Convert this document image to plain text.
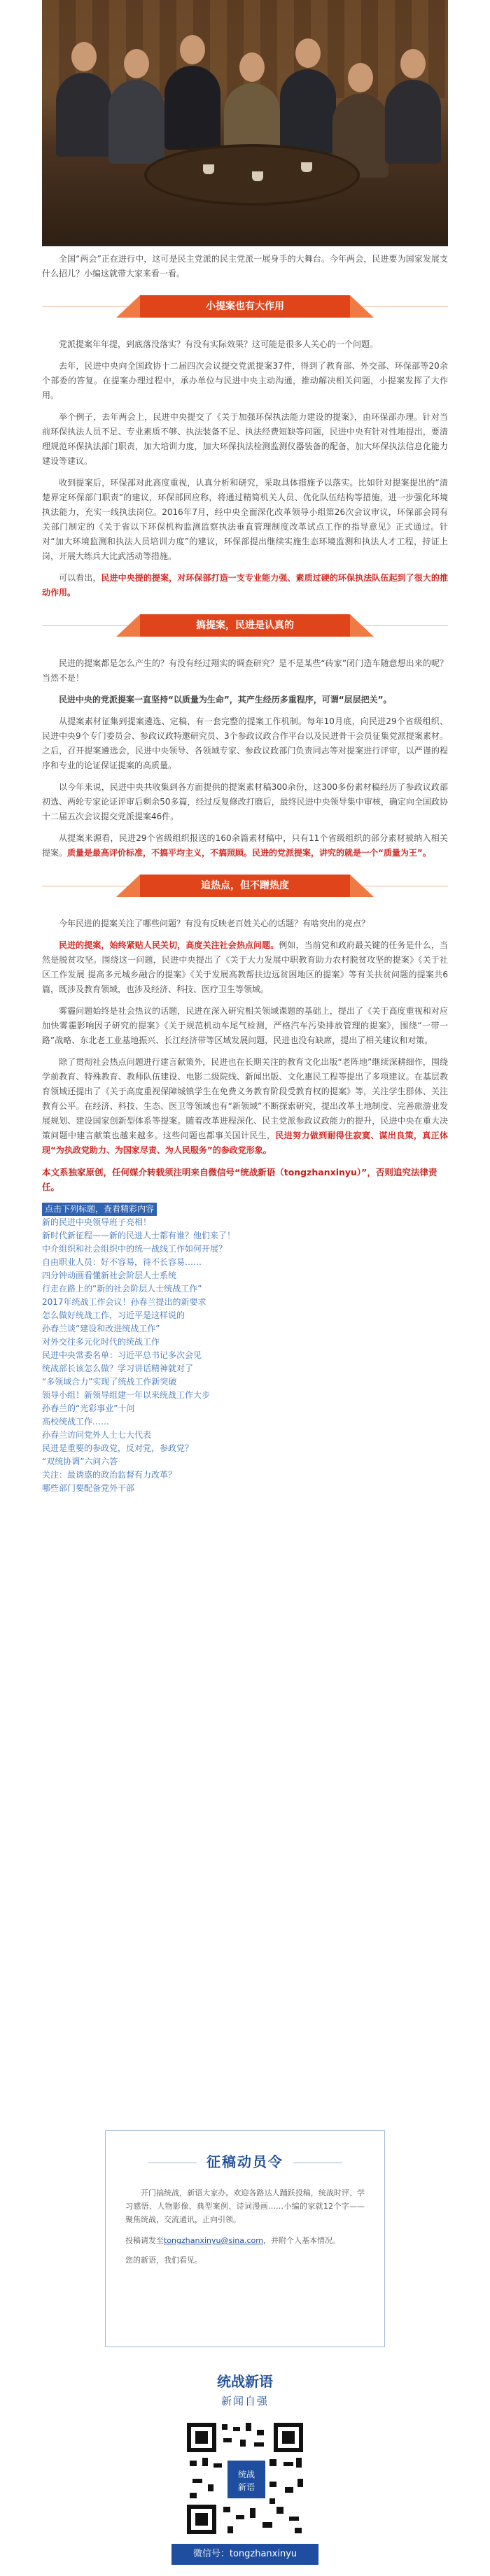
全国“两会”正在进行中，这可是民主党派的民主党派一展身手的大舞台。今年两会，民进要为国家发展支什么招儿？小编这就带大家来看一看。

小提案也有大作用

党派提案年年提，到底落没落实？有没有实际效果？这可能是很多人关心的一个问题。

去年，民进中央向全国政协十二届四次会议提交党派提案37件，得到了教育部、外交部、环保部等20余个部委的答复。在提案办理过程中，承办单位与民进中央主动沟通，推动解决相关问题，小提案发挥了大作用。

举个例子，去年两会上，民进中央提交了《关于加强环保执法能力建设的提案》，由环保部办理。针对当前环保执法人员不足、专业素质不够、执法装备不足、执法经费短缺等问题，民进中央有针对性地提出，要清理规范环保执法部门职责，加大培训力度，加大环保执法检测监测仪器装备的配备，加大环保执法信息化能力建设等建议。

收到提案后，环保部对此高度重视，认真分析和研究，采取具体措施予以落实。比如针对提案提出的“清楚界定环保部门职责”的建议，环保部回应称，将通过精简机关人员、优化队伍结构等措施，进一步强化环境执法能力，充实一线执法岗位。2016年7月，经中央全面深化改革领导小组第26次会议审议，环保部会同有关部门制定的《关于省以下环保机构监测监察执法垂直管理制度改革试点工作的指导意见》正式通过。针对“加大环境监测和执法人员培训力度”的建议，环保部提出继续实施生态环境监测和执法人才工程，持证上岗，开展大练兵大比武活动等措施。

可以看出，民进中央提的提案，对环保部打造一支专业能力强、素质过硬的环保执法队伍起到了很大的推动作用。

搞提案，民进是认真的

民进的提案都是怎么产生的？有没有经过翔实的调查研究？是不是某些“砖家”闭门造车随意想出来的呢？当然不是！

民进中央的党派提案一直坚持“以质量为生命”，其产生经历多重程序，可谓“层层把关”。

从提案素材征集到提案遴选、定稿，有一套完整的提案工作机制。每年10月底，向民进29个省级组织、民进中央9个专门委员会、参政议政特邀研究员、3个参政议政合作平台以及民进骨干会员征集党派提案素材。之后，召开提案遴选会，民进中央领导、各领域专家、参政议政部门负责同志等对提案进行评审，以严谨的程序和专业的论证保证提案的高质量。

以今年来说，民进中央共收集到各方面提供的提案素材稿300余份，这300多份素材稿经历了参政议政部初选、两轮专家论证评审后剩余50多篇，经过反复修改打磨后，最终民进中央领导集中审核，确定向全国政协十二届五次会议提交党派提案46件。

从提案来源看，民进29个省级组织报送的160余篇素材稿中，只有11个省级组织的部分素材被纳入相关提案。质量是最高评价标准，不搞平均主义，不搞照顾。民进的党派提案，讲究的就是一个“质量为王”。

追热点，但不蹭热度

今年民进的提案关注了哪些问题？有没有反映老百姓关心的话题？有啥突出的亮点？

民进的提案，始终紧贴人民关切，高度关注社会热点问题。例如，当前党和政府最关键的任务是什么，当然是脱贫攻坚。围绕这一问题，民进中央提出了《关于大力发展中职教育助力农村脱贫攻坚的提案》《关于社区工作发展 提高多元城乡融合的提案》《关于发展高教帮扶边远贫困地区的提案》等有关扶贫问题的提案共6篇，既涉及教育领域，也涉及经济、科技、医疗卫生等领域。

雾霾问题始终是社会热议的话题，民进在深入研究相关领域课题的基础上，提出了《关于高度重视和对应加快雾霾影响因子研究的提案》《关于规范机动车尾气检测，严格汽车污染排放管理的提案》，围绕“一带一路”战略、东北老工业基地振兴、长江经济带等区域发展问题，民进也没有缺席，提出了相关建议和对策。

除了贯彻社会热点问题进行建言献策外，民进也在长期关注的教育文化出版“老阵地”继续深耕细作，围绕学前教育、特殊教育、教师队伍建设、电影二级院线、新闻出版、文化惠民工程等提出了多项建议。在基层教育领域还提出了《关于高度重视保障城镇学生在免费义务教育阶段受教育权的提案》等，关注学生群体、关注教育公平。在经济、科技、生态、医卫等领域也有“新领域”不断探索研究，提出改革土地制度、完善旅游业发展规划、建设国家创新型体系等提案。随着改革进程深化、民主党派参政议政能力的提升，民进中央在重大决策问题中建言献策也越来越多。这些问题也都事关国计民生，民进努力做到耐得住寂寞、谋出良策，真正体现“为执政党助力、为国家尽责、为人民服务”的参政党形象。

本文系独家原创，任何媒介转载须注明来自微信号“统战新语（tongzhanxinyu）”，否则追究法律责任。
点击下列标题，查看精彩内容
新的民进中央领导班子亮相！
新时代新征程——新的民进人士都有谁？他们来了！
中介组织和社会组织中的统一战线工作如何开展？
自由职业人员：好不容易，待不长容易……
四分钟动画看懂新社会阶层人士系统
行走在路上的“新的社会阶层人士统战工作”
2017年统战工作会议！孙春兰提出的新要求
怎么做好统战工作，习近平是这样说的
孙春兰谈“建设和改进统战工作”
对外交往多元化时代的统战工作
民进中央常委名单：习近平总书记多次会见
统战部长该怎么做？学习讲话精神就对了
“多领域合力”实现了统战工作新突破
领导小组！新领导组建一年以来统战工作大步
孙春兰的“光彩事业”十问
高校统战工作……
孙春兰访问党外人士七大代表
民进是重要的参政党，反对党，参政党？
“双统协调”六问六答
关注：最诱惑的政治监督有力改革？
哪些部门要配备党外干部
征稿动员令
开门搞统战，新语大家办。欢迎各路达人踊跃投稿，统战时评、学习感悟、人物影像、典型案例、诗词漫画……小编的家就12个字——聚焦统战，交流通讯，正向引领。
投稿请发至tongzhanxinyu@sina.com，并附个人基本情况。
您的新语，我们看见。
统战新语
新闻自强
统战
新语
微信号：tongzhanxinyu
